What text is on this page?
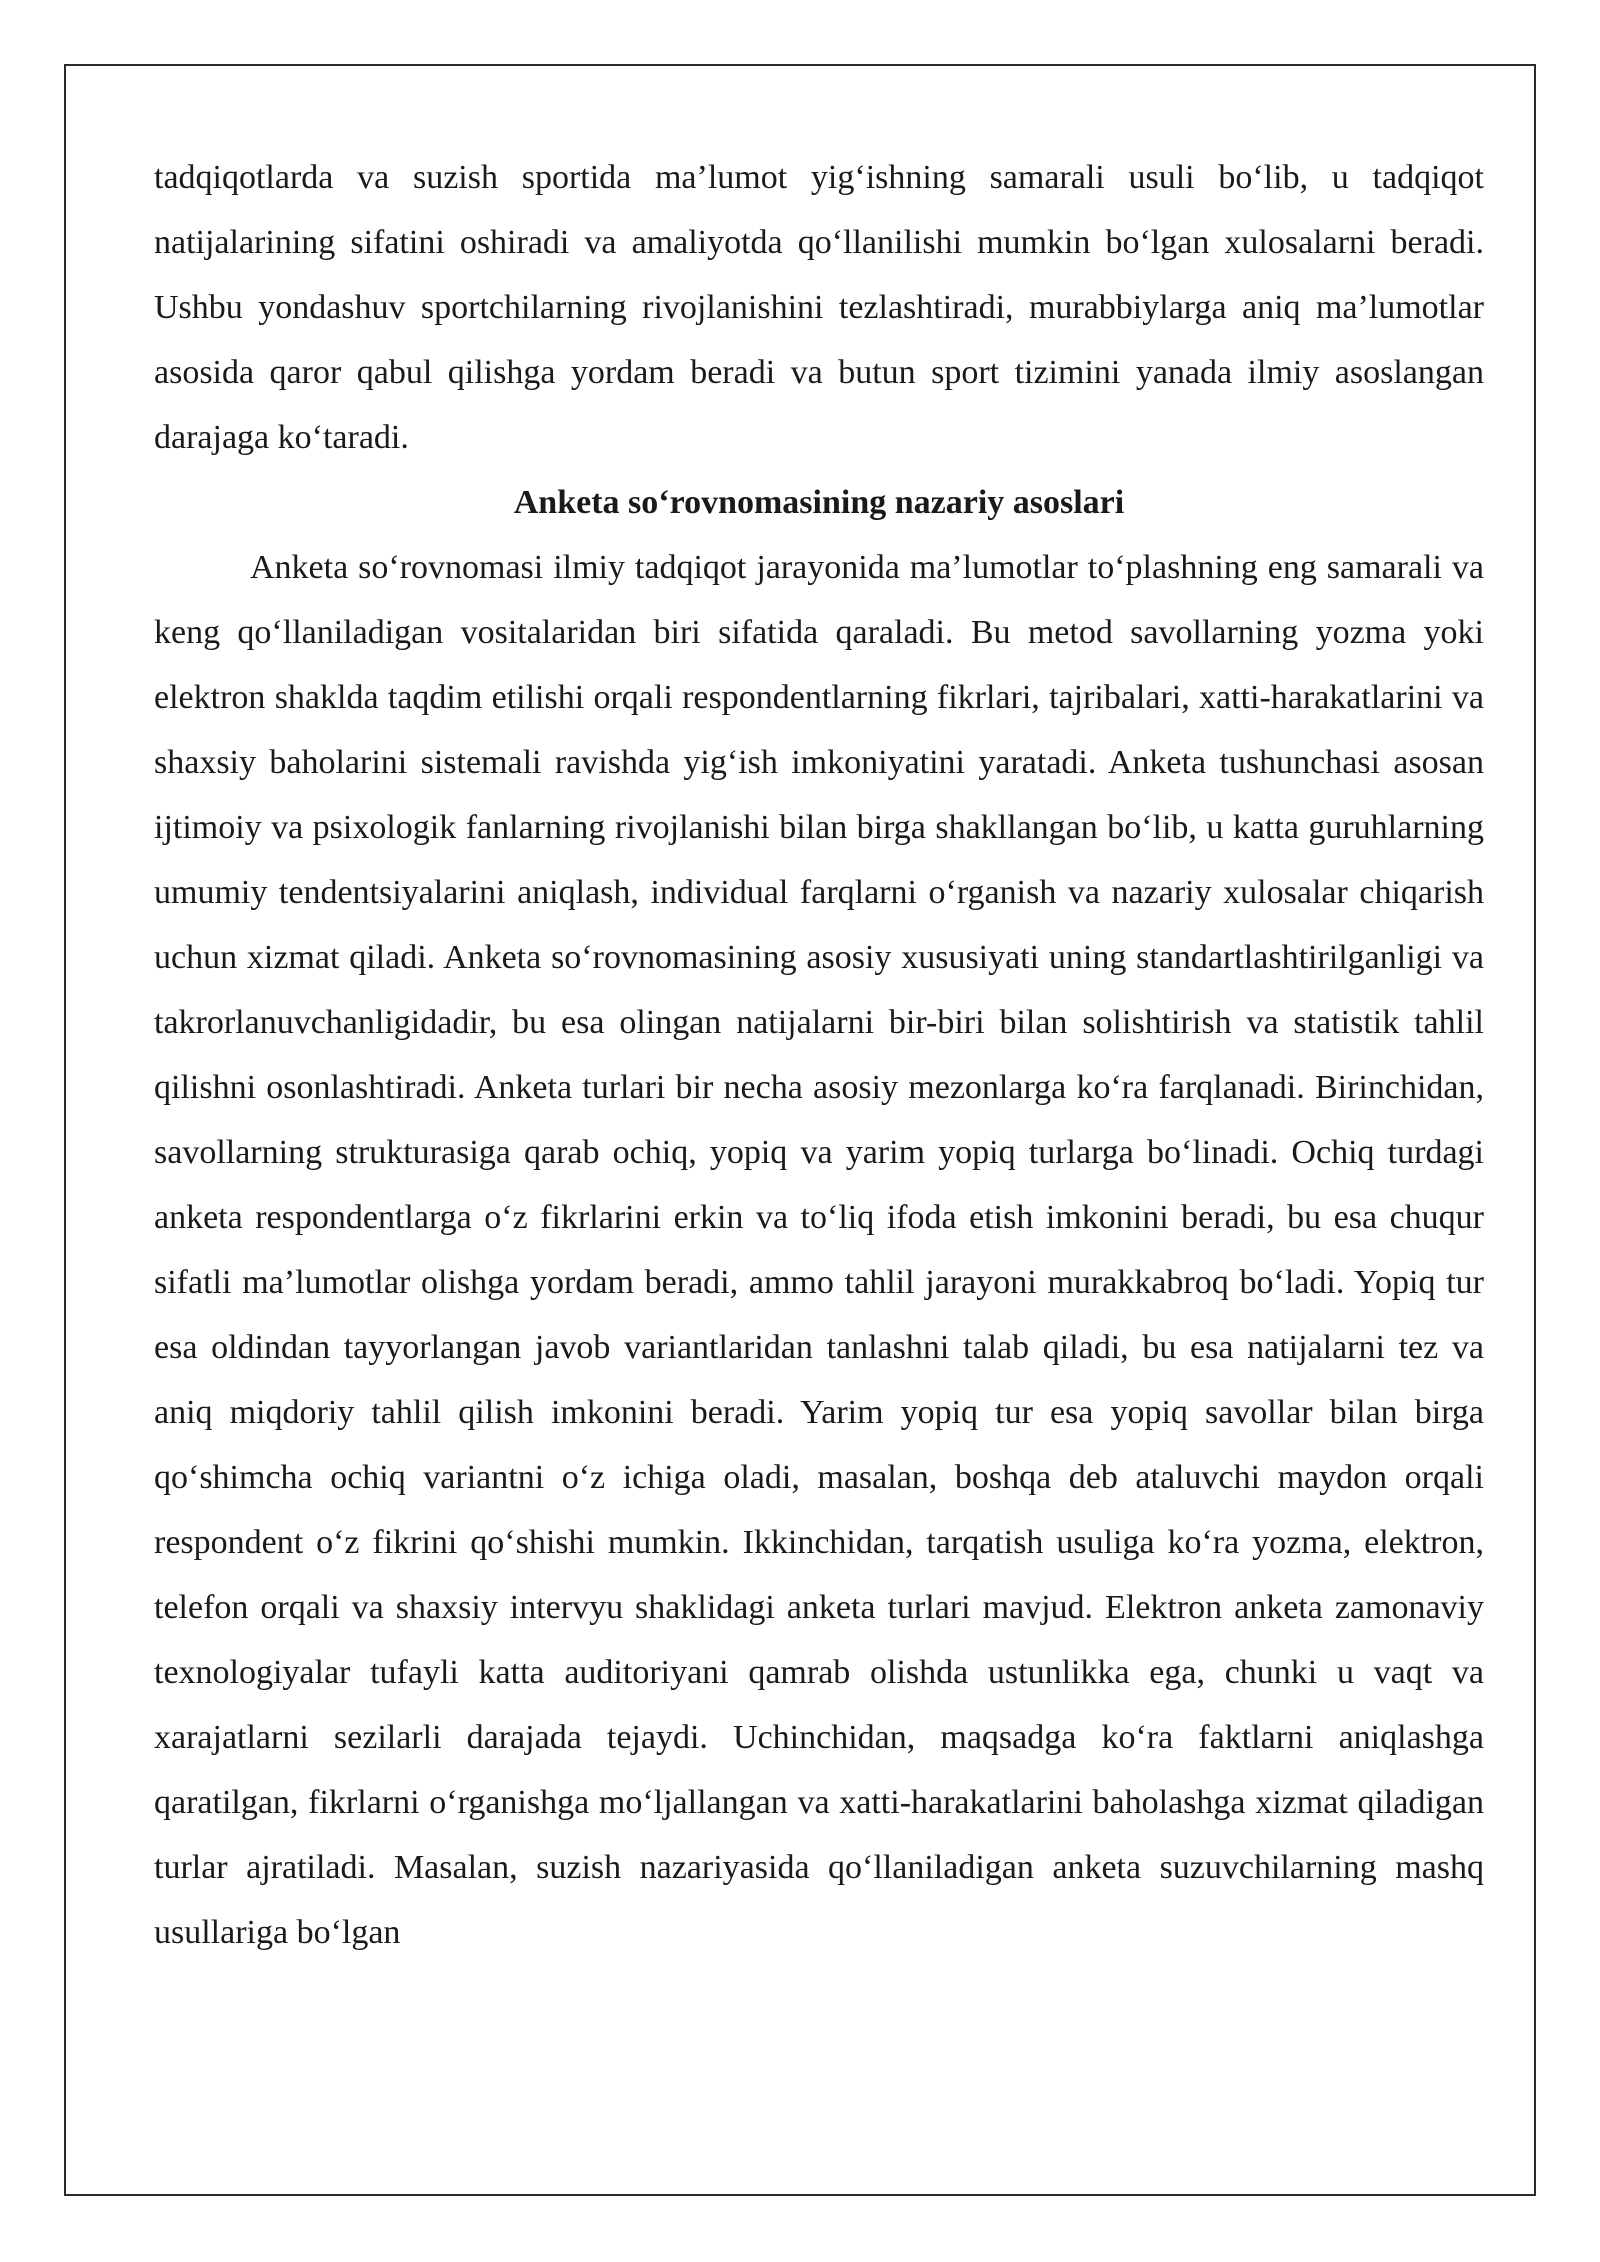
tadqiqotlarda va suzish sportida ma’lumot yig‘ishning samarali usuli bo‘lib, u tadqiqot natijalarining sifatini oshiradi va amaliyotda qo‘llanilishi mumkin bo‘lgan xulosalarni beradi. Ushbu yondashuv sportchilarning rivojlanishini tezlashtiradi, murabbiylarga aniq ma’lumotlar asosida qaror qabul qilishga yordam beradi va butun sport tizimini yanada ilmiy asoslangan darajaga ko‘taradi.

Anketa so‘rovnomasining nazariy asoslari

Anketa so‘rovnomasi ilmiy tadqiqot jarayonida ma’lumotlar to‘plashning eng samarali va keng qo‘llaniladigan vositalaridan biri sifatida qaraladi. Bu metod savollarning yozma yoki elektron shaklda taqdim etilishi orqali respondentlarning fikrlari, tajribalari, xatti-harakatlarini va shaxsiy baholarini sistemali ravishda yig‘ish imkoniyatini yaratadi. Anketa tushunchasi asosan ijtimoiy va psixologik fanlarning rivojlanishi bilan birga shakllangan bo‘lib, u katta guruhlarning umumiy tendentsiyalarini aniqlash, individual farqlarni o‘rganish va nazariy xulosalar chiqarish uchun xizmat qiladi. Anketa so‘rovnomasining asosiy xususiyati uning standartlashtirilganligi va takrorlanuvchanligidadir, bu esa olingan natijalarni bir-biri bilan solishtirish va statistik tahlil qilishni osonlashtiradi. Anketa turlari bir necha asosiy mezonlarga ko‘ra farqlanadi. Birinchidan, savollarning strukturasiga qarab ochiq, yopiq va yarim yopiq turlarga bo‘linadi. Ochiq turdagi anketa respondentlarga o‘z fikrlarini erkin va to‘liq ifoda etish imkonini beradi, bu esa chuqur sifatli ma’lumotlar olishga yordam beradi, ammo tahlil jarayoni murakkabroq bo‘ladi. Yopiq tur esa oldindan tayyorlangan javob variantlaridan tanlashni talab qiladi, bu esa natijalarni tez va aniq miqdoriy tahlil qilish imkonini beradi. Yarim yopiq tur esa yopiq savollar bilan birga qo‘shimcha ochiq variantni o‘z ichiga oladi, masalan, boshqa deb ataluvchi maydon orqali respondent o‘z fikrini qo‘shishi mumkin. Ikkinchidan, tarqatish usuliga ko‘ra yozma, elektron, telefon orqali va shaxsiy intervyu shaklidagi anketa turlari mavjud. Elektron anketa zamonaviy texnologiyalar tufayli katta auditoriyani qamrab olishda ustunlikka ega, chunki u vaqt va xarajatlarni sezilarli darajada tejaydi. Uchinchidan, maqsadga ko‘ra faktlarni aniqlashga qaratilgan, fikrlarni o‘rganishga mo‘ljallangan va xatti-harakatlarini baholashga xizmat qiladigan turlar ajratiladi. Masalan, suzish nazariyasida qo‘llaniladigan anketa suzuvchilarning mashq usullariga bo‘lgan
